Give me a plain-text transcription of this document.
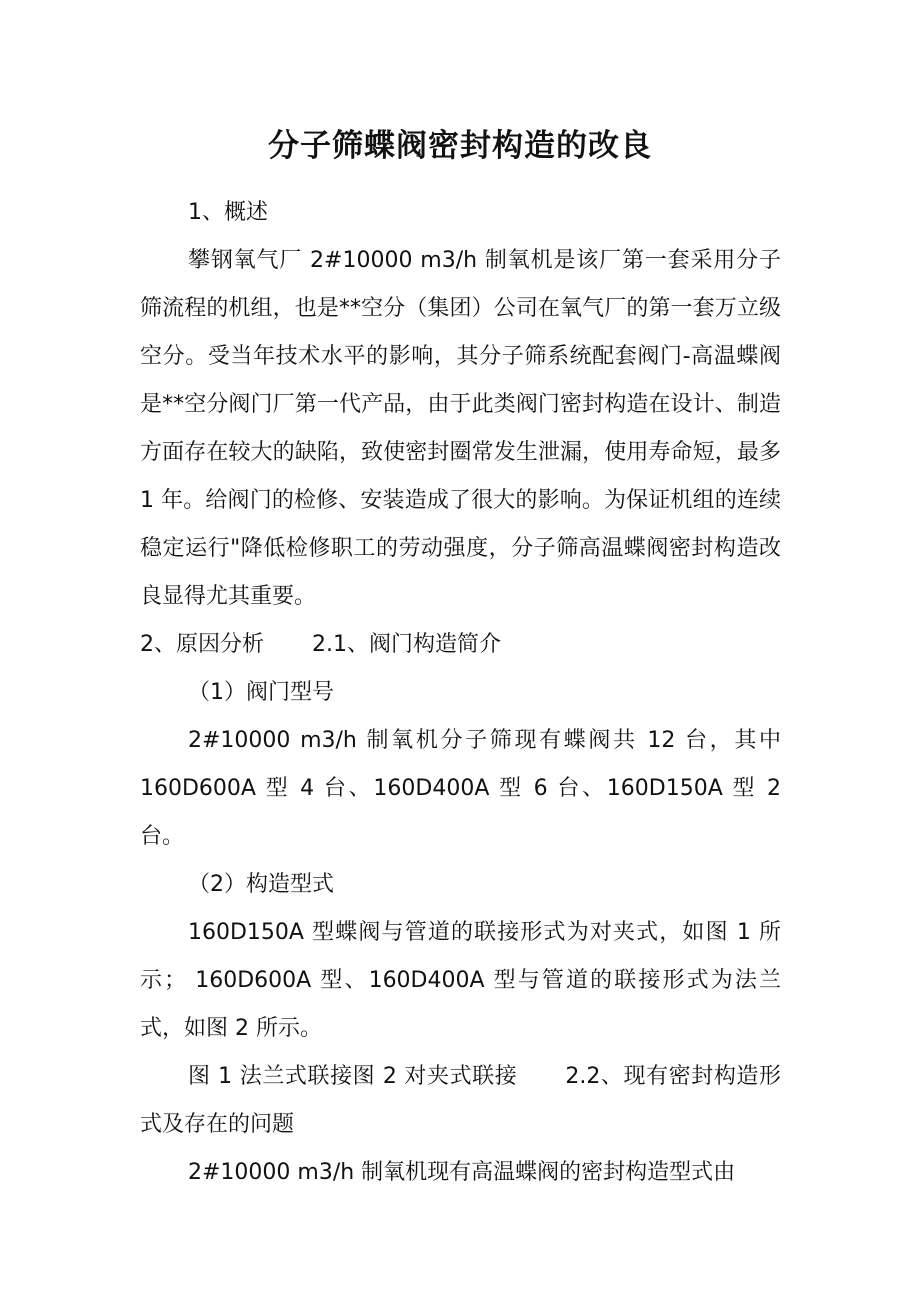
分子筛蝶阀密封构造的改良

1、概述

攀钢氧气厂 2#10000 m3/h 制氧机是该厂第一套采用分子筛流程的机组，也是**空分（集团）公司在氧气厂的第一套万立级空分。受当年技术水平的影响，其分子筛系统配套阀门-高温蝶阀是**空分阀门厂第一代产品，由于此类阀门密封构造在设计、制造方面存在较大的缺陷，致使密封圈常发生泄漏，使用寿命短，最多 1 年。给阀门的检修、安装造成了很大的影响。为保证机组的连续稳定运行"降低检修职工的劳动强度，分子筛高温蝶阀密封构造改良显得尤其重要。

2、原因分析 2.1、阀门构造简介

（1）阀门型号

2#10000 m3/h 制氧机分子筛现有蝶阀共 12 台，其中 160D600A 型 4 台、160D400A 型 6 台、160D150A 型 2 台。

（2）构造型式

160D150A 型蝶阀与管道的联接形式为对夹式，如图 1 所示； 160D600A 型、160D400A 型与管道的联接形式为法兰式，如图 2 所示。

图 1 法兰式联接图 2 对夹式联接 2.2、现有密封构造形式及存在的问题

2#10000 m3/h 制氧机现有高温蝶阀的密封构造型式由
